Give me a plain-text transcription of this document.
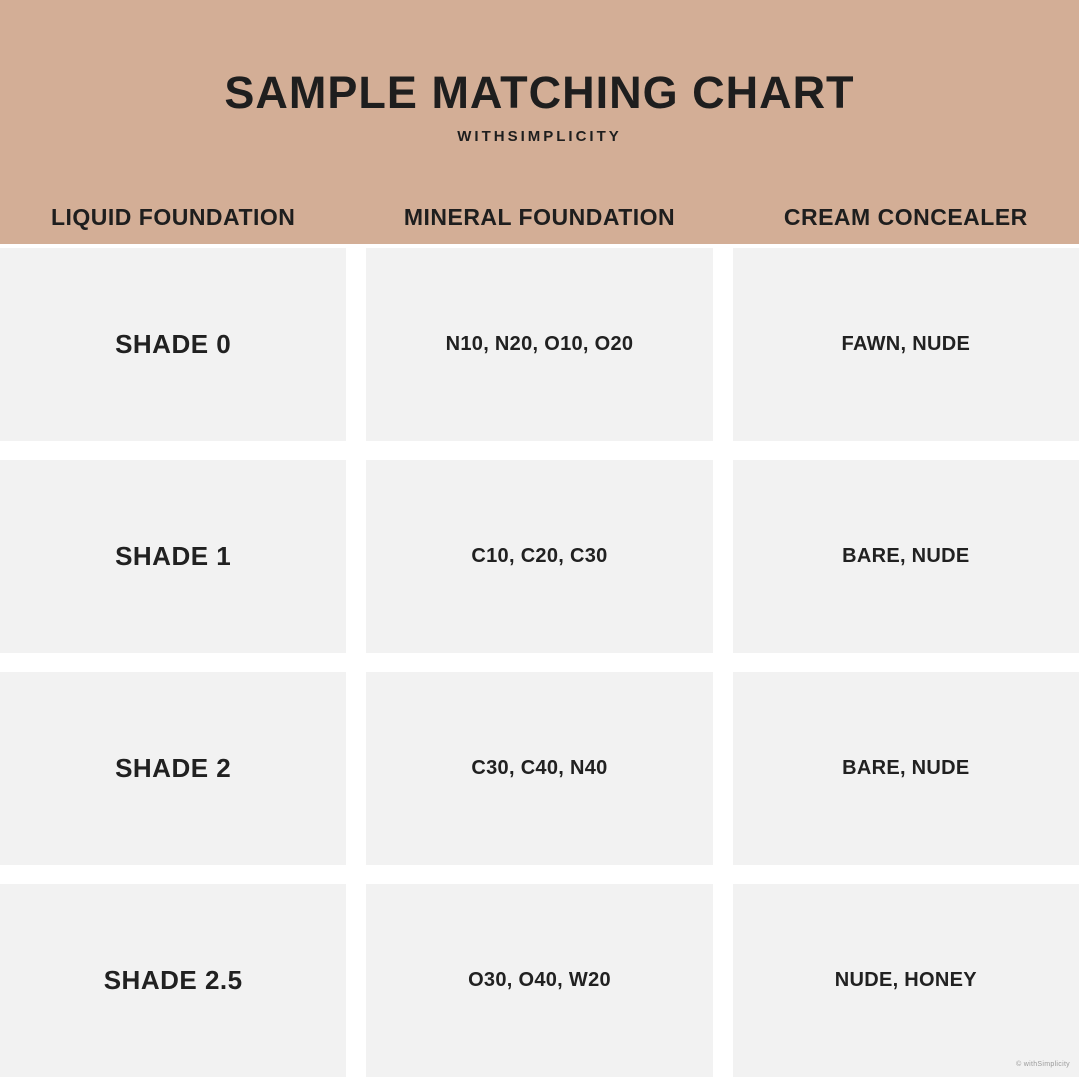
SAMPLE MATCHING CHART
WITHSIMPLICITY
LIQUID FOUNDATION	MINERAL FOUNDATION	CREAM CONCEALER
SHADE 0	N10, N20, O10, O20	FAWN, NUDE
SHADE 1	C10, C20, C30	BARE, NUDE
SHADE 2	C30, C40, N40	BARE, NUDE
SHADE 2.5	O30, O40, W20	NUDE, HONEY
© withSimplicity
